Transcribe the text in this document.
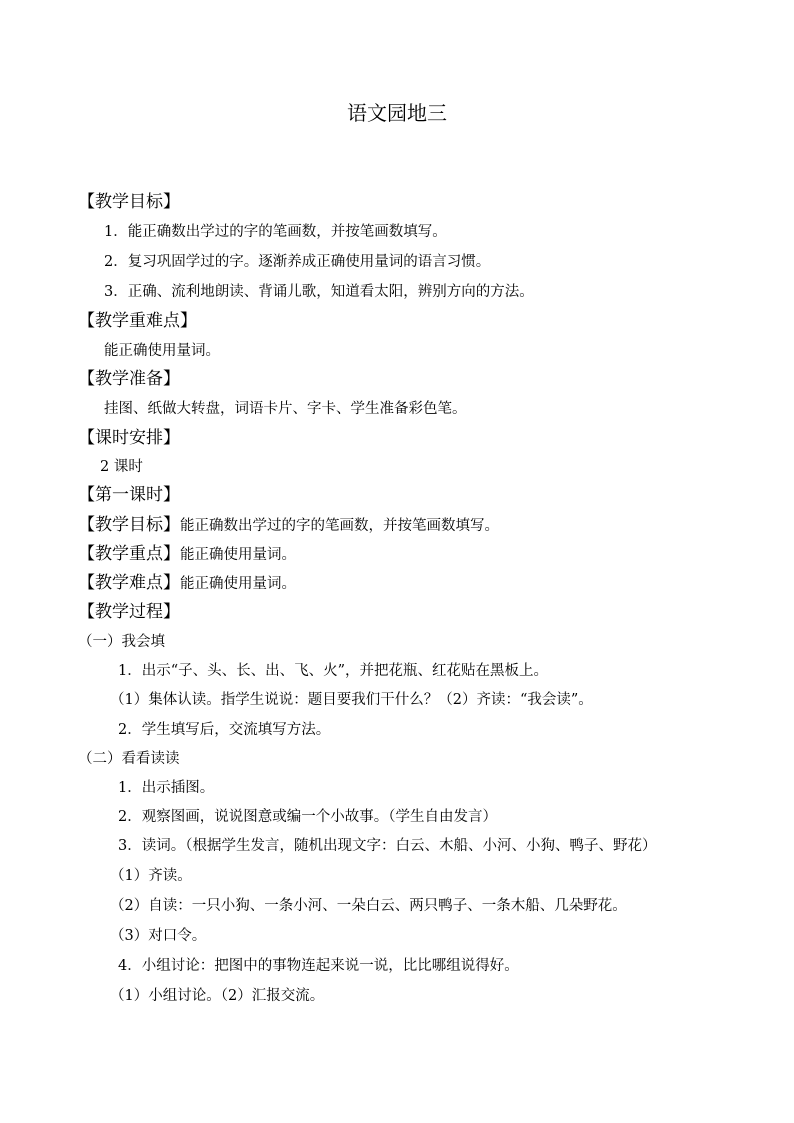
语文园地三
【教学目标】
1．能正确数出学过的字的笔画数，并按笔画数填写。
2．复习巩固学过的字。逐渐养成正确使用量词的语言习惯。
3．正确、流利地朗读、背诵儿歌，知道看太阳，辨别方向的方法。
【教学重难点】
能正确使用量词。
【教学准备】
挂图、纸做大转盘，词语卡片、字卡、学生准备彩色笔。
【课时安排】
2 课时
【第一课时】
【教学目标】能正确数出学过的字的笔画数，并按笔画数填写。
【教学重点】能正确使用量词。
【教学难点】能正确使用量词。
【教学过程】
（一）我会填
1．出示“子、头、长、出、飞、火”，并把花瓶、红花贴在黑板上。
（1）集体认读。指学生说说：题目要我们干什么？（2）齐读：“我会读”。
2．学生填写后，交流填写方法。
（二）看看读读
1．出示插图。
2．观察图画，说说图意或编一个小故事。（学生自由发言）
3．读词。（根据学生发言，随机出现文字：白云、木船、小河、小狗、鸭子、野花）
（1）齐读。
（2）自读：一只小狗、一条小河、一朵白云、两只鸭子、一条木船、几朵野花。
（3）对口令。
4．小组讨论：把图中的事物连起来说一说，比比哪组说得好。
（1）小组讨论。（2）汇报交流。
